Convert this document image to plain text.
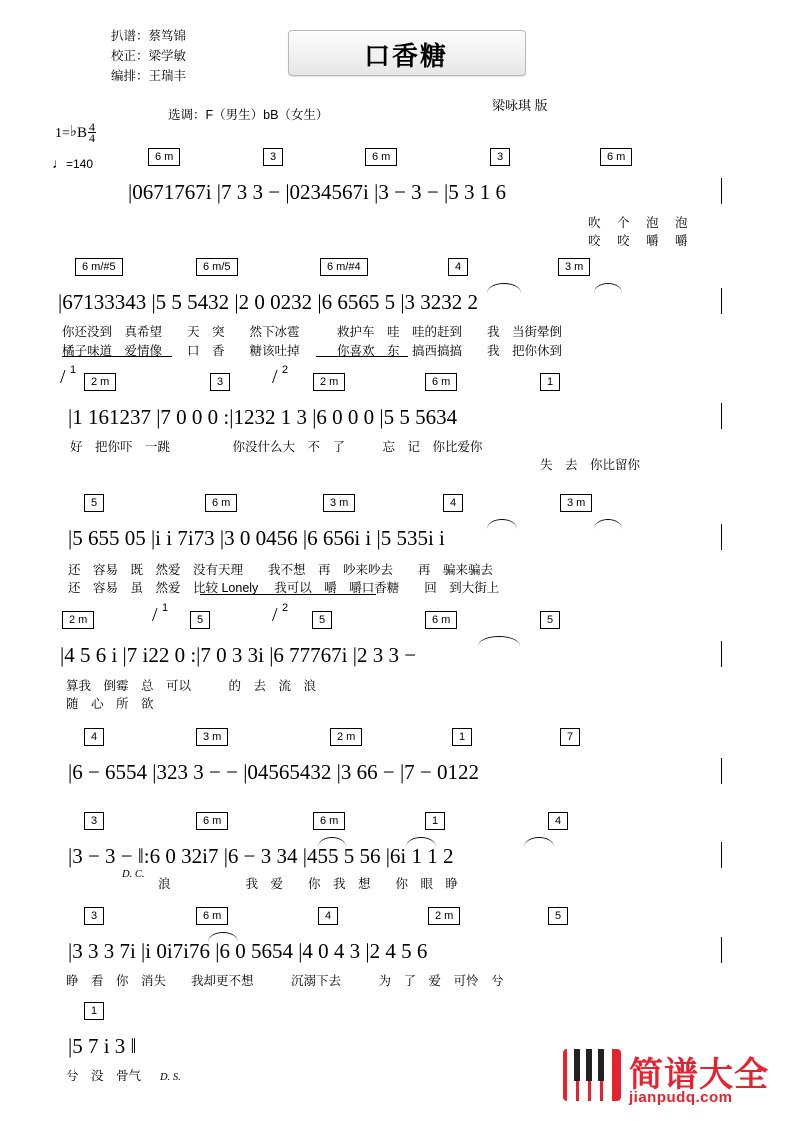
扒谱：蔡笃锦
校正：梁学敏
编排：王瑞丰
口香糖
梁咏琪 版
选调：F（男生）bB（女生）
1=♭B $\frac{4}{4}$
♩=140
6 m	3	6 m	3	6 m
|0671767i |7 3 3 − |0234567i |3 − 3 − |5 3 1 6
吹　个　泡　泡
咬　咬　嚼　嚼
6 m/#5	6 m/5	6 m/#4	4	3 m
|67133343 |5 5 5432 |2 0 0232 |6 6565 5 |3 3232 2
你还没到　真希望　　天　突　　然下冰雹　　　救护车　哇　哇的赶到　　我　当街晕倒
橘子味道　爱情像　　口　香　　糖该吐掉　　　你喜欢　东　搞西搞搞　　我　把你休到
2 m	3	2 m	6 m	1
/ 1	/ 2
|1 161237 |7 0 0 0 :|1232 1 3 |6 0 0 0 |5 5 5634
好　把你吓　一跳　　　　　你没什么大　不　了　　　忘　记　你比爱你
失　去　你比留你
5	6 m	3 m	4	3 m
|5 655 05 |i i 7i73 |3 0 0456 |6 656i i |5 535i i
还　容易　既　然爱　没有天理　　我不想　再　吵来吵去　　再　骗来骗去
还　容易　虽　然爱　比较 Lonely 　我可以　嚼　嚼口香糖　　回　到大街上
2 m	5	5	6 m	5
/ 1	/ 2
|4 5 6 i |7 i22 0 :|7 0 3 3i |6 77767i |2 3 3 −
算我　倒霉　总　可以　　　的　去　流　浪
随　心　所　欲
4	3 m	2 m	1	7
|6 − 6554 |323 3 − − |04565432 |3 66 − |7 − 0122
3	6 m	6 m	1	4
|3 − 3 − ‖:6 0 32i7 |6 − 3 34 |455 5 56 |6i 1 1 2
D. C.
浪　　　　　　我　爱　　你　我　想　　你　眼　睁
3	6 m	4	2 m	5
|3 3 3 7i |i 0i7i76 |6 0 5654 |4 0 4 3 |2 4 5 6
睁　看　你　消失　　我却更不想　　　沉溺下去　　　为　了　爱　可怜　兮
1
|5 7 i 3 ‖
兮　没　骨气 D. S.	简谱大全
jianpudq.com
